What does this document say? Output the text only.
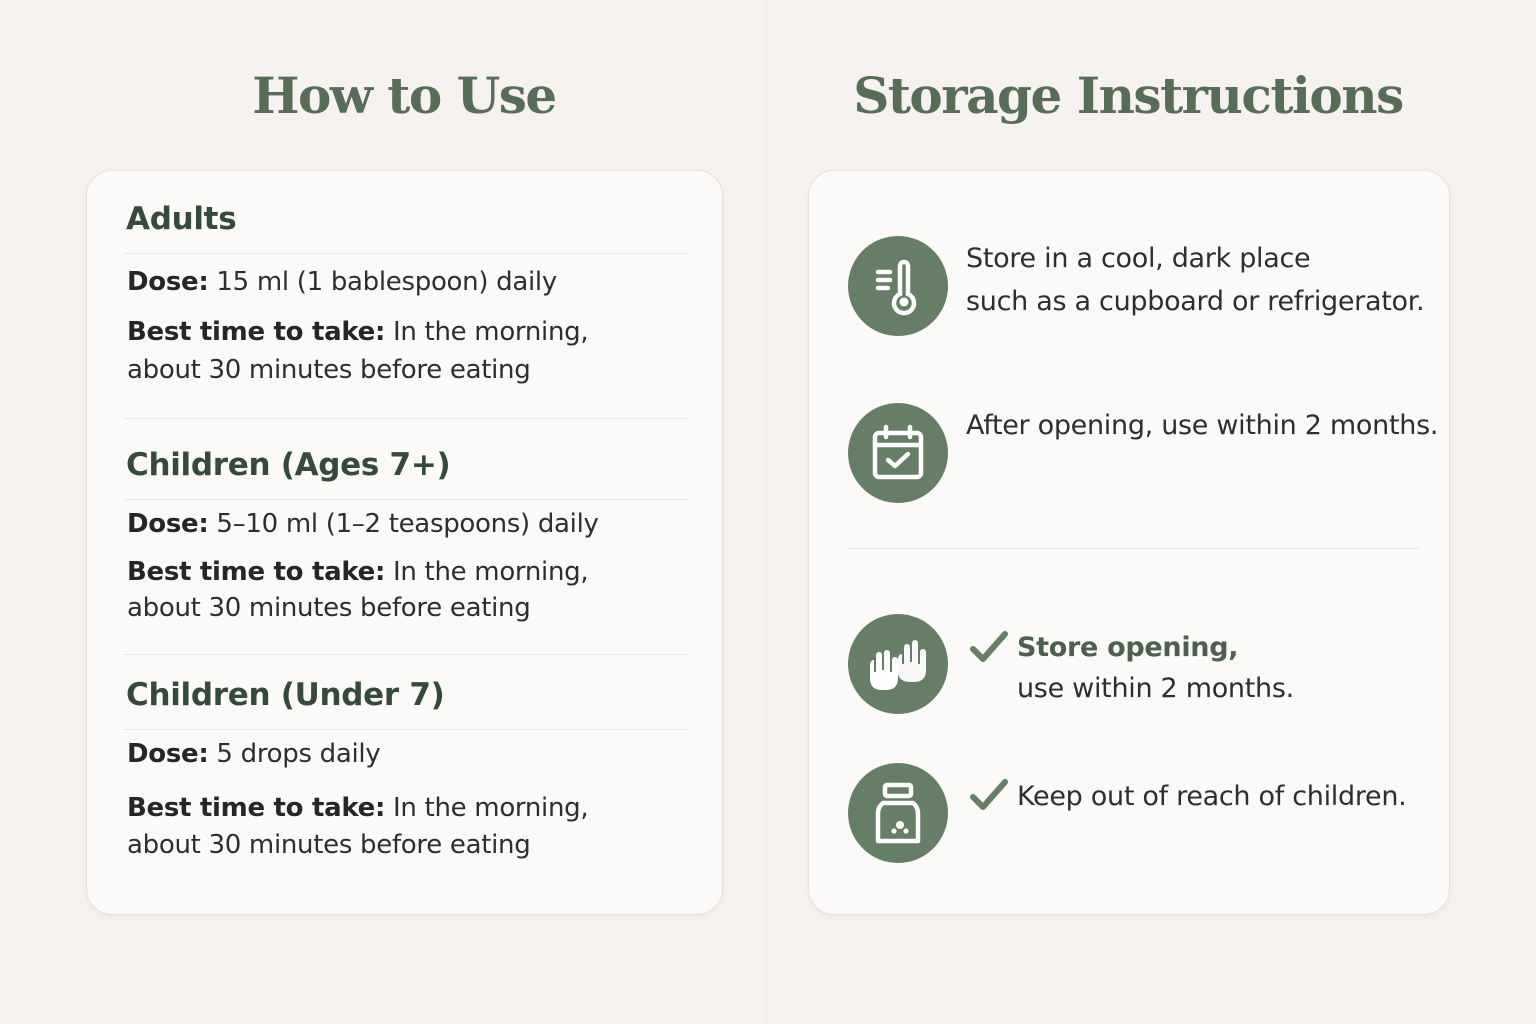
How to Use
Adults
Dose: 15 ml (1 bablespoon) daily
Best time to take: In the morning,
about 30 minutes before eating
Children (Ages 7+)
Dose: 5–10 ml (1–2 teaspoons) daily
Best time to take: In the morning,
about 30 minutes before eating
Children (Under 7)
Dose: 5 drops daily
Best time to take: In the morning,
about 30 minutes before eating
Storage Instructions
Store in a cool, dark place
such as a cupboard or refrigerator.
After opening, use within 2 months.
Store opening,
use within 2 months.
Keep out of reach of children.
